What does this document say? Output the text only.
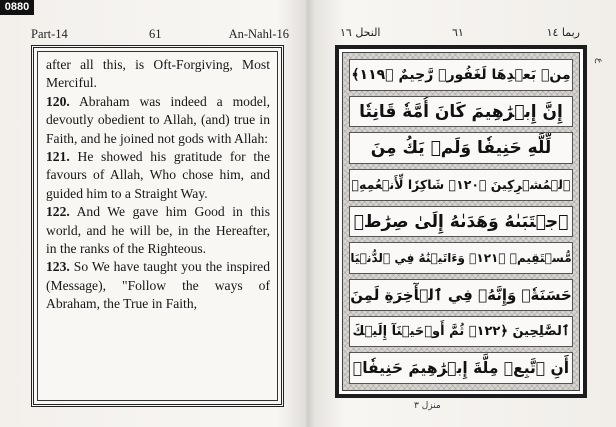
0880
Part-14	61	An-Nahl-16

after all this, is Oft-Forgiving, Most Merciful.

120. Abraham was indeed a model, devoutly obedient to Allah, (and) true in Faith, and he joined not gods with Allah:

121. He showed his gratitude for the favours of Allah, Who chose him, and guided him to a Straight Way.

122. And We gave him Good in this world, and he will be, in the Hereafter, in the ranks of the Righteous.

123. So We have taught you the inspired (Message), "Follow the ways of Abraham, the True in Faith,

النحل ١٦	٦١	ربما ١٤
مِنۢ بَعۡدِهَا لَغَفُورٞ رَّحِيمٌ ﴿١١٩﴾
إِنَّ إِبۡرَٰهِيمَ كَانَ أُمَّةٗ قَانِتٗا
لِّلَّهِ حَنِيفٗا وَلَمۡ يَكُ مِنَ
ٱلۡمُشۡرِكِينَ ﴿١٢٠﴾ شَاكِرٗا لِّأَنۡعُمِهِۚ
ٱجۡتَبَىٰهُ وَهَدَىٰهُ إِلَىٰ صِرَٰطٖ
مُّسۡتَقِيمٖ ﴿١٢١﴾ وَءَاتَيۡنَٰهُ فِي ٱلدُّنۡيَا
حَسَنَةٗۖ وَإِنَّهُۥ فِي ٱلۡأٓخِرَةِ لَمِنَ
ٱلصَّٰلِحِينَ ﴿١٢٢﴾ ثُمَّ أَوۡحَيۡنَآ إِلَيۡكَ
أَنِ ٱتَّبِعۡ مِلَّةَ إِبۡرَٰهِيمَ حَنِيفٗاۖ
ع
منزل ٣
